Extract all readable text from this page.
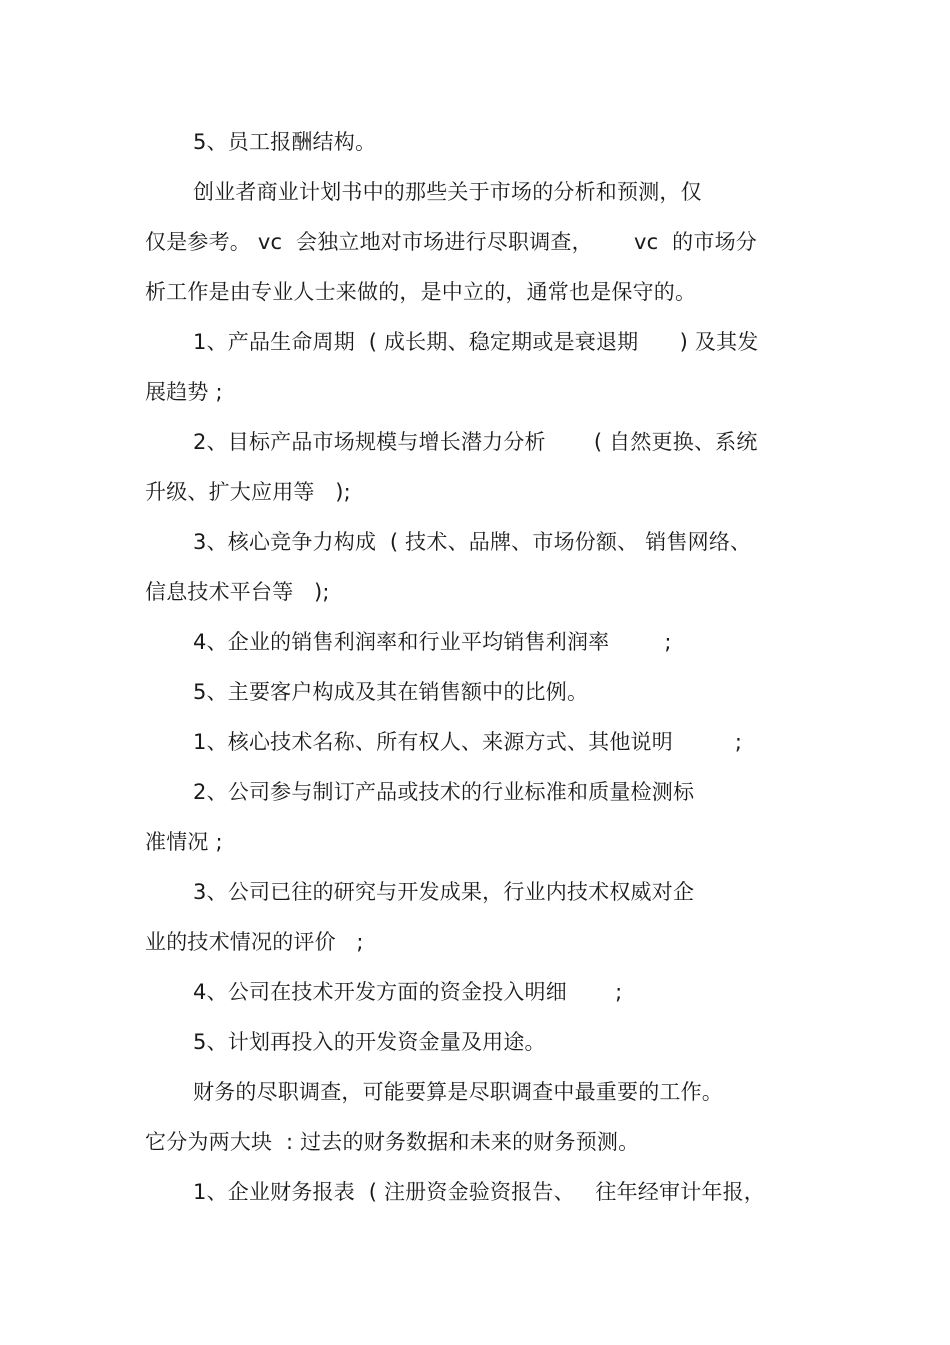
5、员工报酬结构。
创业者商业计划书中的那些关于市场的分析和预测，仅
仅是参考。 vc  会独立地对市场进行尽职调查，      vc  的市场分
析工作是由专业人士来做的，是中立的，通常也是保守的。
1、产品生命周期  ( 成长期、稳定期或是衰退期      ) 及其发
展趋势 ;
2、目标产品市场规模与增长潜力分析       ( 自然更换、系统
升级、扩大应用等   );
3、核心竞争力构成  ( 技术、品牌、市场份额、 销售网络、
信息技术平台等   );
4、企业的销售利润率和行业平均销售利润率        ;
5、主要客户构成及其在销售额中的比例。
1、核心技术名称、所有权人、来源方式、其他说明         ;
2、公司参与制订产品或技术的行业标准和质量检测标
准情况 ;
3、公司已往的研究与开发成果，行业内技术权威对企
业的技术情况的评价   ;
4、公司在技术开发方面的资金投入明细       ;
5、计划再投入的开发资金量及用途。
财务的尽职调查，可能要算是尽职调查中最重要的工作。
它分为两大块  : 过去的财务数据和未来的财务预测。
1、企业财务报表  ( 注册资金验资报告、   往年经审计年报，
